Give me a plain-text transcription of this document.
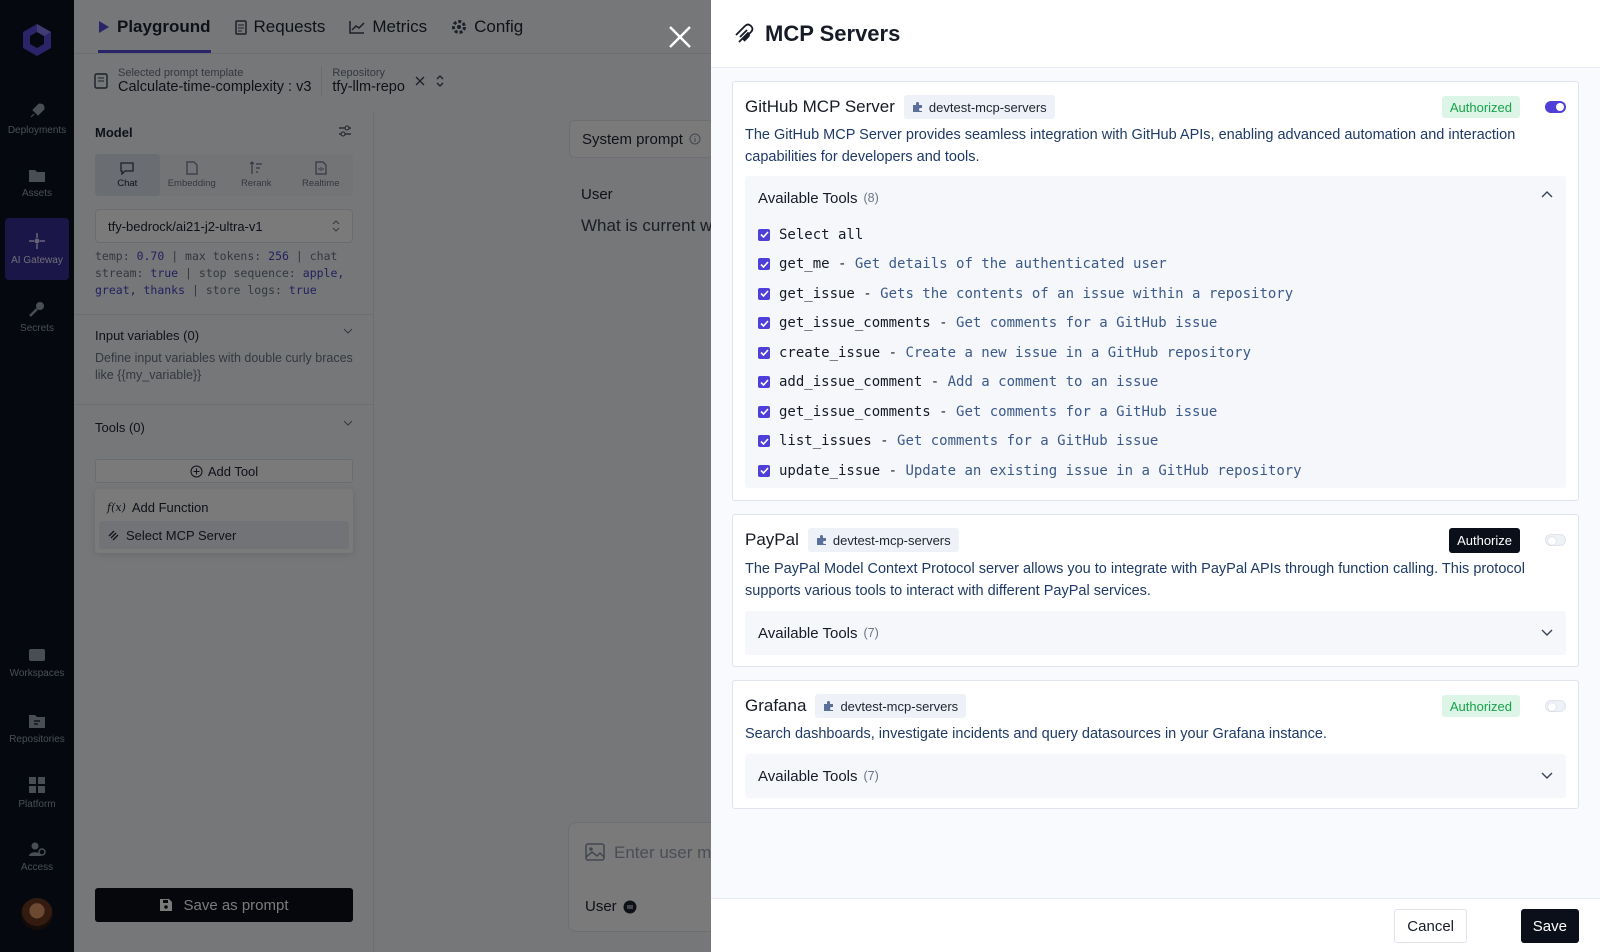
MCP Servers
GitHub MCP Server	devtest-mcp-servers	Authorized
The GitHub MCP Server provides seamless integration with GitHub APIs, enabling advanced automation and interaction capabilities for developers and tools.
Available Tools (8)
Select all
get_me - Get details of the authenticated user
get_issue - Gets the contents of an issue within a repository
get_issue_comments - Get comments for a GitHub issue
create_issue - Create a new issue in a GitHub repository
add_issue_comment - Add a comment to an issue
get_issue_comments - Get comments for a GitHub issue
list_issues - Get comments for a GitHub issue
update_issue - Update an existing issue in a GitHub repository
PayPal	devtest-mcp-servers	Authorize
The PayPal Model Context Protocol server allows you to integrate with PayPal APIs through function calling. This protocol supports various tools to interact with different PayPal services.
Available Tools (7)
Grafana	devtest-mcp-servers	Authorized
Search dashboards, investigate incidents and query datasources in your Grafana instance.
Available Tools (7)
Cancel	Save
